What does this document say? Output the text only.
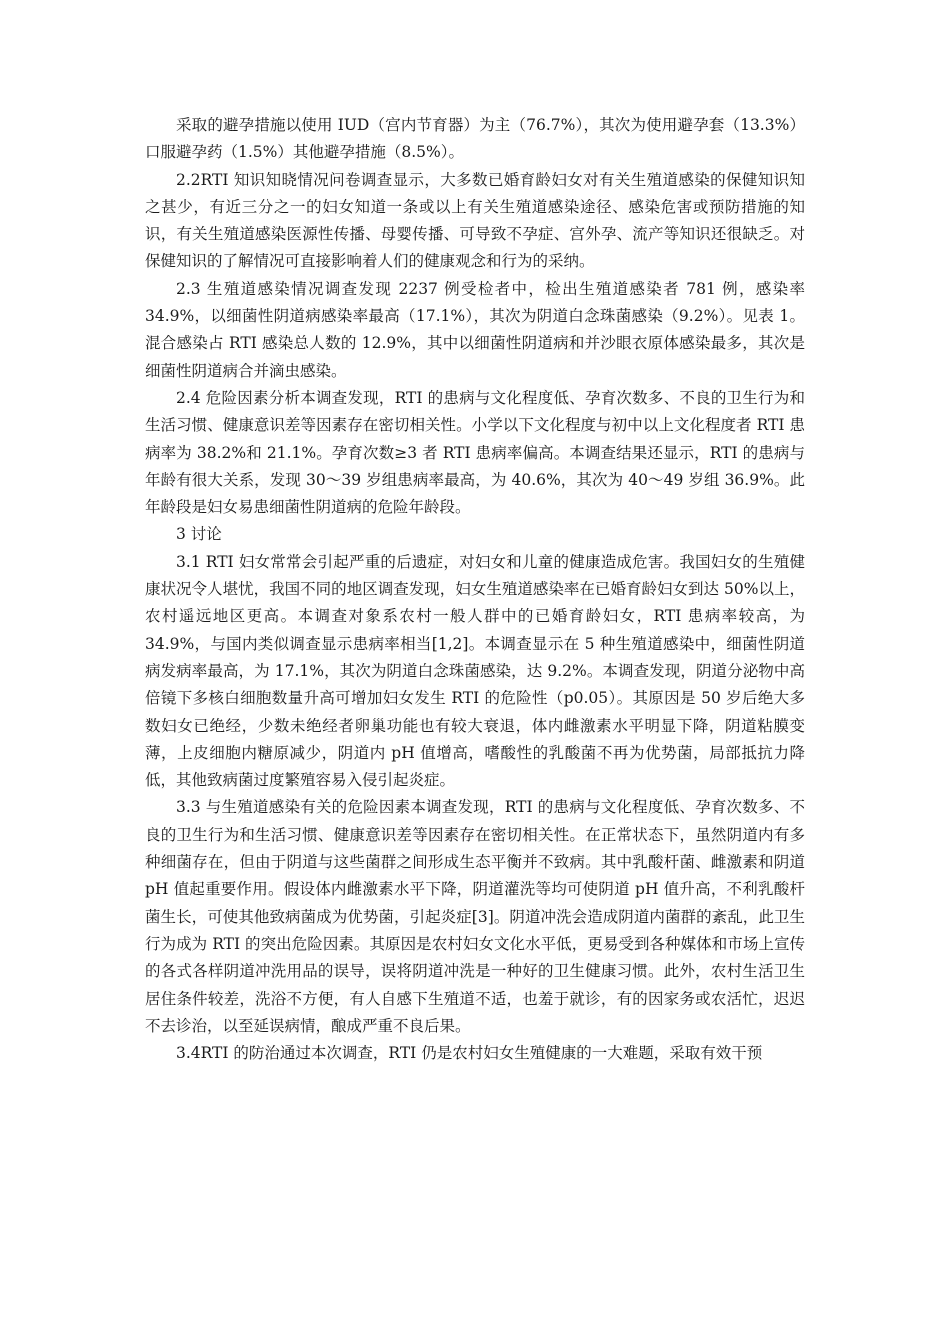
采取的避孕措施以使用 IUD（宫内节育器）为主（76.7%），其次为使用避孕套（13.3%）口服避孕药（1.5%）其他避孕措施（8.5%）。

2.2RTI 知识知晓情况问卷调查显示，大多数已婚育龄妇女对有关生殖道感染的保健知识知之甚少，有近三分之一的妇女知道一条或以上有关生殖道感染途径、感染危害或预防措施的知识，有关生殖道感染医源性传播、母婴传播、可导致不孕症、宫外孕、流产等知识还很缺乏。对保健知识的了解情况可直接影响着人们的健康观念和行为的采纳。

2.3 生殖道感染情况调查发现 2237 例受检者中，检出生殖道感染者 781 例，感染率 34.9%，以细菌性阴道病感染率最高（17.1%），其次为阴道白念珠菌感染（9.2%）。见表 1。混合感染占 RTI 感染总人数的 12.9%，其中以细菌性阴道病和并沙眼衣原体感染最多，其次是细菌性阴道病合并滴虫感染。

2.4 危险因素分析本调查发现，RTI 的患病与文化程度低、孕育次数多、不良的卫生行为和生活习惯、健康意识差等因素存在密切相关性。小学以下文化程度与初中以上文化程度者 RTI 患病率为 38.2%和 21.1%。孕育次数≥3 者 RTI 患病率偏高。本调查结果还显示，RTI 的患病与年龄有很大关系，发现 30～39 岁组患病率最高，为 40.6%，其次为 40～49 岁组 36.9%。此年龄段是妇女易患细菌性阴道病的危险年龄段。

3 讨论

3.1 RTI 妇女常常会引起严重的后遗症，对妇女和儿童的健康造成危害。我国妇女的生殖健康状况令人堪忧，我国不同的地区调查发现，妇女生殖道感染率在已婚育龄妇女到达 50%以上，农村遥远地区更高。本调查对象系农村一般人群中的已婚育龄妇女，RTI 患病率较高，为 34.9%，与国内类似调查显示患病率相当[1,2]。本调查显示在 5 种生殖道感染中，细菌性阴道病发病率最高，为 17.1%，其次为阴道白念珠菌感染，达 9.2%。本调查发现，阴道分泌物中高倍镜下多核白细胞数量升高可增加妇女发生 RTI 的危险性（p0.05）。其原因是 50 岁后绝大多数妇女已绝经，少数未绝经者卵巢功能也有较大衰退，体内雌激素水平明显下降，阴道粘膜变薄，上皮细胞内糖原减少，阴道内 pH 值增高，嗜酸性的乳酸菌不再为优势菌，局部抵抗力降低，其他致病菌过度繁殖容易入侵引起炎症。

3.3 与生殖道感染有关的危险因素本调查发现，RTI 的患病与文化程度低、孕育次数多、不良的卫生行为和生活习惯、健康意识差等因素存在密切相关性。在正常状态下，虽然阴道内有多种细菌存在，但由于阴道与这些菌群之间形成生态平衡并不致病。其中乳酸杆菌、雌激素和阴道 pH 值起重要作用。假设体内雌激素水平下降，阴道灌洗等均可使阴道 pH 值升高，不利乳酸杆菌生长，可使其他致病菌成为优势菌，引起炎症[3]。阴道冲洗会造成阴道内菌群的紊乱，此卫生行为成为 RTI 的突出危险因素。其原因是农村妇女文化水平低，更易受到各种媒体和市场上宣传的各式各样阴道冲洗用品的误导，误将阴道冲洗是一种好的卫生健康习惯。此外，农村生活卫生居住条件较差，洗浴不方便，有人自感下生殖道不适，也羞于就诊，有的因家务或农活忙，迟迟不去诊治，以至延误病情，酿成严重不良后果。

3.4RTI 的防治通过本次调查，RTI 仍是农村妇女生殖健康的一大难题，采取有效干预
